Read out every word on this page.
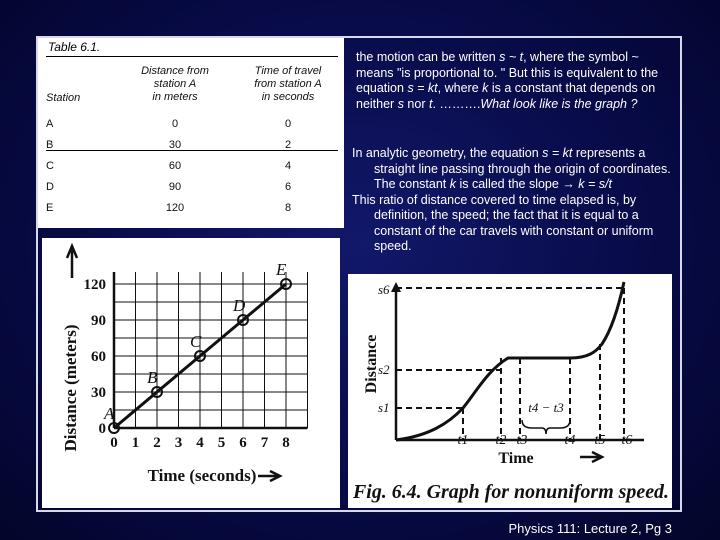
Table 6.1.
Distance from
station A
in meters
Time of travel
from station A
in seconds
Station
A	0	0
B	30	2
C	60	4
D	90	6
E	120	8
0
30
60
90
120
0 1 2 3 4 5 6 7 8
A
B
C
D
E
Distance (meters)
Time (seconds)
the motion can be written s ~ t, where the symbol ~ means "is proportional to. " But this is equivalent to the equation s = kt, where k is a constant that depends on neither s nor t. ……….What look like is the graph ?

In analytic geometry, the equation s = kt represents a straight line passing through the origin of coordinates. The constant k is called the slope → k = s/t

This ratio of distance covered to time elapsed is, by definition, the speed; the fact that it is equal to a constant of the car travels with constant or uniform speed.

t4 − t3
s1
s2
s6
t1 t2 t3	t4 t5 t6
Distance
Time
Fig. 6.4. Graph for nonuniform speed.
Physics 111: Lecture 2, Pg 3
